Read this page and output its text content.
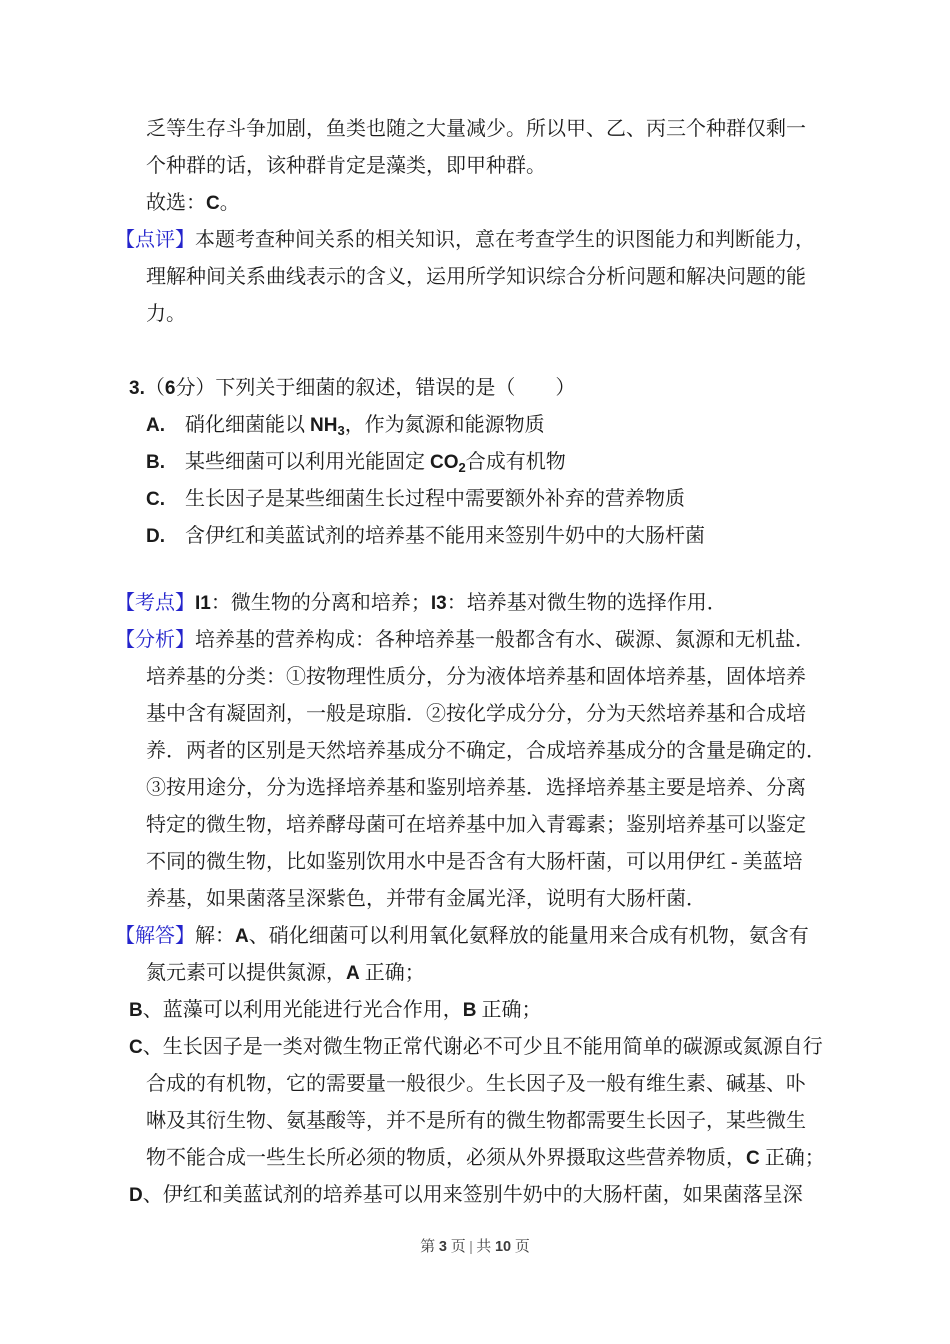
乏等生存斗争加剧，鱼类也随之大量减少。所以甲、乙、丙三个种群仅剩一
个种群的话，该种群肯定是藻类，即甲种群。
故选：C。
【点评】本题考查种间关系的相关知识，意在考查学生的识图能力和判断能力，
理解种间关系曲线表示的含义，运用所学知识综合分析问题和解决问题的能
力。
3.（6分）下列关于细菌的叙述，错误的是（　　）
A.　硝化细菌能以 $NH_3$，作为氮源和能源物质
B.　某些细菌可以利用光能固定 $CO_2$合成有机物
C.　生长因子是某些细菌生长过程中需要额外补弃的营养物质
D.　含伊红和美蓝试剂的培养基不能用来签别牛奶中的大肠杆菌
【考点】I1：微生物的分离和培养；I3：培养基对微生物的选择作用．
【分析】培养基的营养构成：各种培养基一般都含有水、碳源、氮源和无机盐．
培养基的分类：①按物理性质分，分为液体培养基和固体培养基，固体培养
基中含有凝固剂，一般是琼脂．②按化学成分分，分为天然培养基和合成培
养．两者的区别是天然培养基成分不确定，合成培养基成分的含量是确定的．
③按用途分，分为选择培养基和鉴别培养基．选择培养基主要是培养、分离
特定的微生物，培养酵母菌可在培养基中加入青霉素；鉴别培养基可以鉴定
不同的微生物，比如鉴别饮用水中是否含有大肠杆菌，可以用伊红 - 美蓝培
养基，如果菌落呈深紫色，并带有金属光泽，说明有大肠杆菌．
【解答】解：A、硝化细菌可以利用氧化氨释放的能量用来合成有机物，氨含有
氮元素可以提供氮源，A 正确；
B、蓝藻可以利用光能进行光合作用，B 正确；
C、生长因子是一类对微生物正常代谢必不可少且不能用简单的碳源或氮源自行
合成的有机物，它的需要量一般很少。生长因子及一般有维生素、碱基、卟
啉及其衍生物、氨基酸等，并不是所有的微生物都需要生长因子，某些微生
物不能合成一些生长所必须的物质，必须从外界摄取这些营养物质，C 正确；
D、伊红和美蓝试剂的培养基可以用来签别牛奶中的大肠杆菌，如果菌落呈深
第 3 页 | 共 10 页
